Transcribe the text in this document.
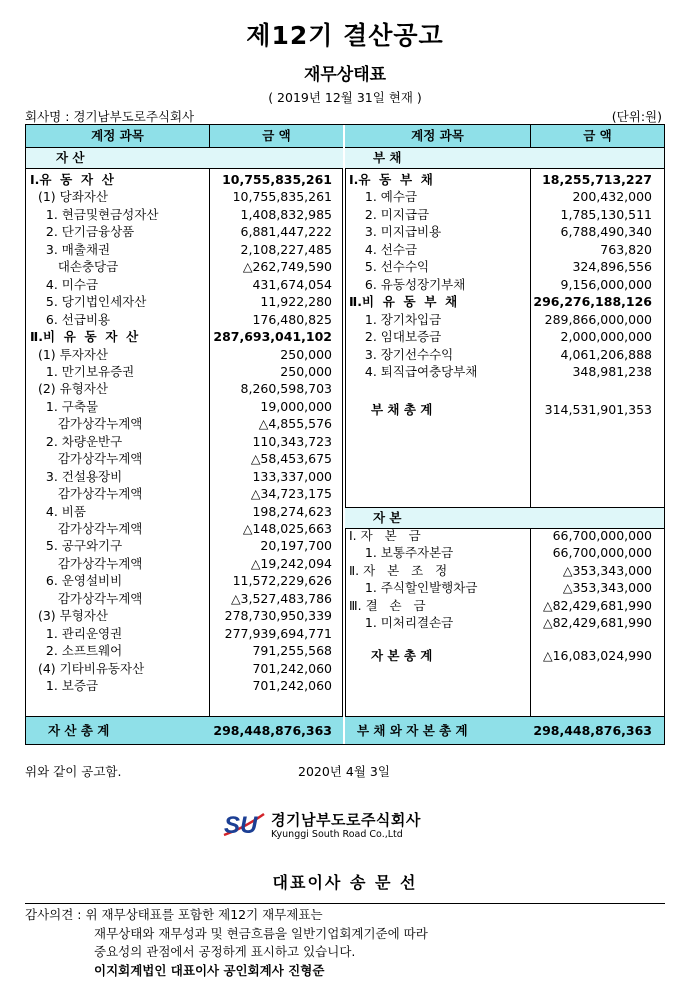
제12기 결산공고
재무상태표
( 2019년 12월 31일 현재 )
회사명 : 경기남부도로주식회사	(단위:원)
계정 과목	금 액
자 산
Ⅰ.유  동  자  산	10,755,835,261
(1) 당좌자산	10,755,835,261
1. 현금및현금성자산	1,408,832,985
2. 단기금융상품	6,881,447,222
3. 매출채권	2,108,227,485
대손충당금	△262,749,590
4. 미수금	431,674,054
5. 당기법인세자산	11,922,280
6. 선급비용	176,480,825
Ⅱ.비  유  동  자  산	287,693,041,102
(1) 투자자산	250,000
1. 만기보유증권	250,000
(2) 유형자산	8,260,598,703
1. 구축물	19,000,000
감가상각누계액	△4,855,576
2. 차량운반구	110,343,723
감가상각누계액	△58,453,675
3. 건설용장비	133,337,000
감가상각누계액	△34,723,175
4. 비품	198,274,623
감가상각누계액	△148,025,663
5. 공구와기구	20,197,700
감가상각누계액	△19,242,094
6. 운영설비비	11,572,229,626
감가상각누계액	△3,527,483,786
(3) 무형자산	278,730,950,339
1. 관리운영권	277,939,694,771
2. 소프트웨어	791,255,568
(4) 기타비유동자산	701,242,060
1. 보증금	701,242,060
자 산 총 계	298,448,876,363
계정 과목	금 액
부 채
Ⅰ.유  동  부  채	18,255,713,227
1. 예수금	200,432,000
2. 미지급금	1,785,130,511
3. 미지급비용	6,788,490,340
4. 선수금	763,820
5. 선수수익	324,896,556
6. 유동성장기부채	9,156,000,000
Ⅱ.비  유  동  부  채	296,276,188,126
1. 장기차입금	289,866,000,000
2. 임대보증금	2,000,000,000
3. 장기선수수익	4,061,206,888
4. 퇴직급여충당부채	348,981,238
부 채 총 계	314,531,901,353
자 본
Ⅰ. 자   본   금	66,700,000,000
1. 보통주자본금	66,700,000,000
Ⅱ. 자   본   조   정	△353,343,000
1. 주식할인발행차금	△353,343,000
Ⅲ. 결   손   금	△82,429,681,990
1. 미처리결손금	△82,429,681,990
자 본 총 계	△16,083,024,990
부 채 와 자 본 총 계	298,448,876,363
위와 같이 공고함.	2020년 4월 3일
SU 경기남부도로주식회사
Kyunggi South Road Co.,Ltd
대표이사 송 문 선
감사의견 : 위 재무상태표를 포함한 제12기 재무제표는
재무상태와 재무성과 및 현금흐름을 일반기업회계기준에 따라
중요성의 관점에서 공정하게 표시하고 있습니다.
이지회계법인 대표이사 공인회계사 진형준
